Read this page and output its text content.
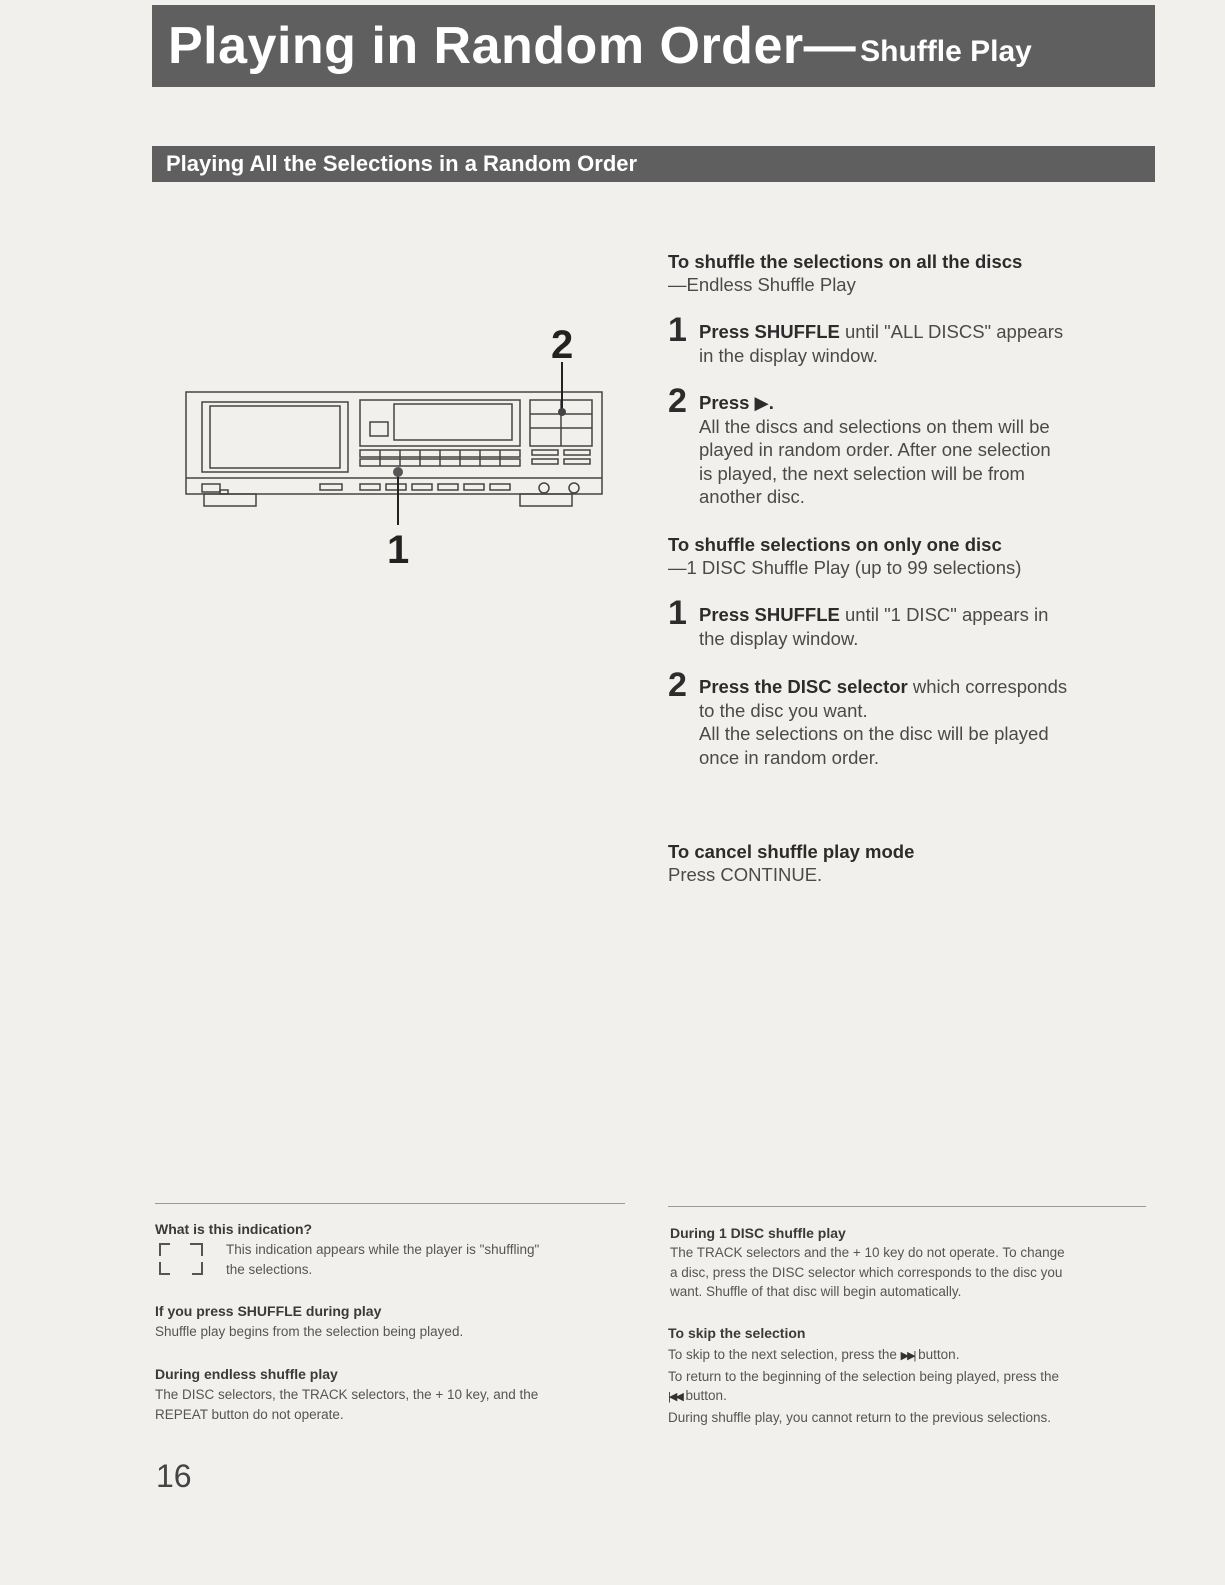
Playing in Random Order — Shuffle Play
Playing All the Selections in a Random Order
2
1
To shuffle the selections on all the discs
—Endless Shuffle Play
1 Press SHUFFLE until "ALL DISCS" appears
in the display window.
2 Press ▶.
All the discs and selections on them will be
played in random order. After one selection
is played, the next selection will be from
another disc.
To shuffle selections on only one disc
—1 DISC Shuffle Play (up to 99 selections)
1 Press SHUFFLE until "1 DISC" appears in
the display window.
2 Press the DISC selector which corresponds
to the disc you want.
All the selections on the disc will be played
once in random order.
To cancel shuffle play mode
Press CONTINUE.
What is this indication?
This indication appears while the player is "shuffling"
the selections.
If you press SHUFFLE during play
Shuffle play begins from the selection being played.
During endless shuffle play
The DISC selectors, the TRACK selectors, the + 10 key, and the
REPEAT button do not operate.
During 1 DISC shuffle play
The TRACK selectors and the + 10 key do not operate. To change
a disc, press the DISC selector which corresponds to the disc you
want. Shuffle of that disc will begin automatically.
To skip the selection
To skip to the next selection, press the ▶▶| button.
To return to the beginning of the selection being played, press the
|◀◀ button.
During shuffle play, you cannot return to the previous selections.
16
